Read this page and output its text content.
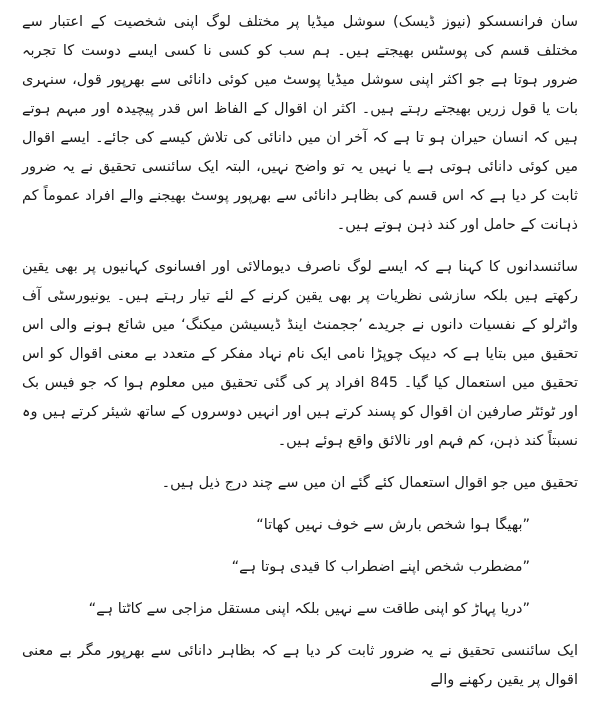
سان فرانسسکو (نیوز ڈیسک) سوشل میڈیا پر مختلف لوگ اپنی شخصیت کے اعتبار سے مختلف قسم کی پوسٹس بھیجتے ہیں۔ ہم سب کو کسی نا کسی ایسے دوست کا تجربہ ضرور ہوتا ہے جو اکثر اپنی سوشل میڈیا پوسٹ میں کوئی دانائی سے بھرپور قول، سنہری بات یا قول زریں بھیجتے رہتے ہیں۔ اکثر ان اقوال کے الفاظ اس قدر پیچیدہ اور مبہم ہوتے ہیں کہ انسان حیران ہو تا ہے کہ آخر ان میں دانائی کی تلاش کیسے کی جائے۔ ایسے اقوال میں کوئی دانائی ہوتی ہے یا نہیں یہ تو واضح نہیں، البتہ ایک سائنسی تحقیق نے یہ ضرور ثابت کر دیا ہے کہ اس قسم کی بظاہر دانائی سے بھرپور پوسٹ بھیجنے والے افراد عموماً کم ذہانت کے حامل اور کند ذہن ہوتے ہیں۔

سائنسدانوں کا کہنا ہے کہ ایسے لوگ ناصرف دیومالائی اور افسانوی کہانیوں پر بھی یقین رکھتے ہیں بلکہ سازشی نظریات پر بھی یقین کرنے کے لئے تیار رہتے ہیں۔ یونیورسٹی آف واٹرلو کے نفسیات دانوں نے جریدے ’ججمنٹ اینڈ ڈیسیشن میکنگ‘ میں شائع ہونے والی اس تحقیق میں بتایا ہے کہ دیپک چوپڑا نامی ایک نام نہاد مفکر کے متعدد بے معنی اقوال کو اس تحقیق میں استعمال کیا گیا۔ 845 افراد پر کی گئی تحقیق میں معلوم ہوا کہ جو فیس بک اور ٹوئٹر صارفین ان اقوال کو پسند کرتے ہیں اور انہیں دوسروں کے ساتھ شیئر کرتے ہیں وہ نسبتاً کند ذہن، کم فہم اور نالائق واقع ہوئے ہیں۔

تحقیق میں جو اقوال استعمال کئے گئے ان میں سے چند درج ذیل ہیں۔

”بھیگا ہوا شخص بارش سے خوف نہیں کھاتا“

”مضطرب شخص اپنے اضطراب کا قیدی ہوتا ہے“

”دریا پہاڑ کو اپنی طاقت سے نہیں بلکہ اپنی مستقل مزاجی سے کاٹتا ہے“

ایک سائنسی تحقیق نے یہ ضرور ثابت کر دیا ہے کہ بظاہر دانائی سے بھرپور مگر بے معنی اقوال پر یقین رکھنے والے
